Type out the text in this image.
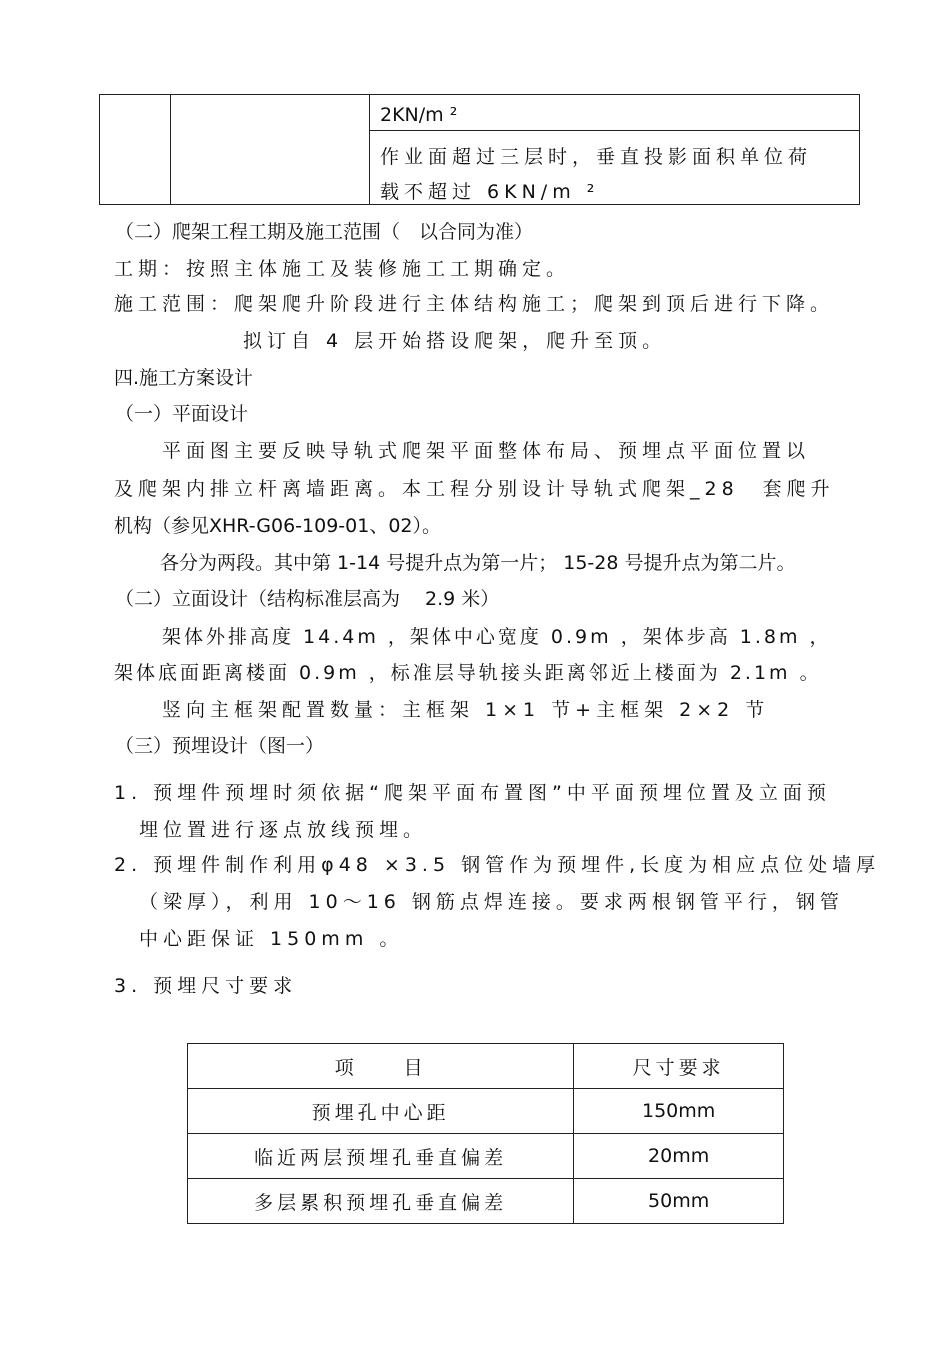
2KN/m ²
作业面超过三层时，垂直投影面积单位荷
载不超过 6KN/m ²
（二）爬架工程工期及施工范围（　以合同为准）
工期：按照主体施工及装修施工工期确定。
施工范围：爬架爬升阶段进行主体结构施工；爬架到顶后进行下降。
拟订自 4 层开始搭设爬架，爬升至顶。
四.施工方案设计
（一）平面设计
平面图主要反映导轨式爬架平面整体布局、预埋点平面位置以
及爬架内排立杆离墙距离。本工程分别设计导轨式爬架_28　套爬升
机构（参见XHR-G06-109-01、02）。
各分为两段。其中第 1-14 号提升点为第一片； 15-28 号提升点为第二片。
（二）立面设计（结构标准层高为　 2.9 米）
架体外排高度 14.4m ，架体中心宽度 0.9m ，架体步高 1.8m ，
架体底面距离楼面 0.9m ，标准层导轨接头距离邻近上楼面为 2.1m 。
竖向主框架配置数量：主框架 1×1 节+主框架 2×2 节
（三）预埋设计（图一）
1. 预埋件预埋时须依据“爬架平面布置图”中平面预埋位置及立面预
埋位置进行逐点放线预埋。
2. 预埋件制作利用φ48 ×3.5 钢管作为预埋件,长度为相应点位处墙厚
（梁厚），利用 10～16 钢筋点焊连接。要求两根钢管平行，钢管
中心距保证 150mm 。
3. 预埋尺寸要求
项　　目	尺寸要求
预埋孔中心距	150mm
临近两层预埋孔垂直偏差	20mm
多层累积预埋孔垂直偏差	50mm
